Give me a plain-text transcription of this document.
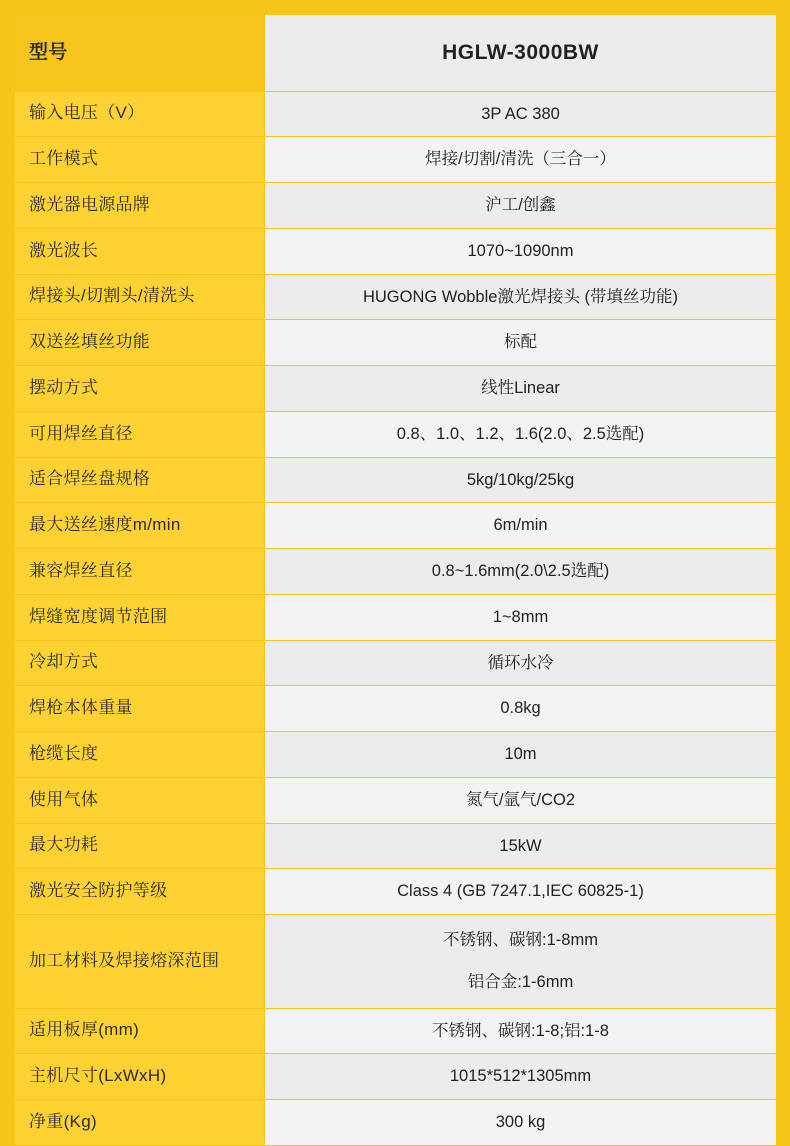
型号	HGLW-3000BW
输入电压（V）	3P AC 380
工作模式	焊接/切割/清洗（三合一）
激光器电源品牌	沪工/创鑫
激光波长	1070~1090nm
焊接头/切割头/清洗头	HUGONG Wobble激光焊接头 (带填丝功能)
双送丝填丝功能	标配
摆动方式	线性Linear
可用焊丝直径	0.8、1.0、1.2、1.6(2.0、2.5选配)
适合焊丝盘规格	5kg/10kg/25kg
最大送丝速度m/min	6m/min
兼容焊丝直径	0.8~1.6mm(2.0\2.5选配)
焊缝宽度调节范围	1~8mm
冷却方式	循环水冷
焊枪本体重量	0.8kg
枪缆长度	10m
使用气体	氮气/氩气/CO2
最大功耗	15kW
激光安全防护等级	Class 4 (GB 7247.1,IEC 60825-1)
加工材料及焊接熔深范围	不锈钢、碳钢:1-8mm
铝合金:1-6mm

适用板厚(mm)	不锈钢、碳钢:1-8;铝:1-8
主机尺寸(LxWxH)	1015*512*1305mm
净重(Kg)	300 kg
